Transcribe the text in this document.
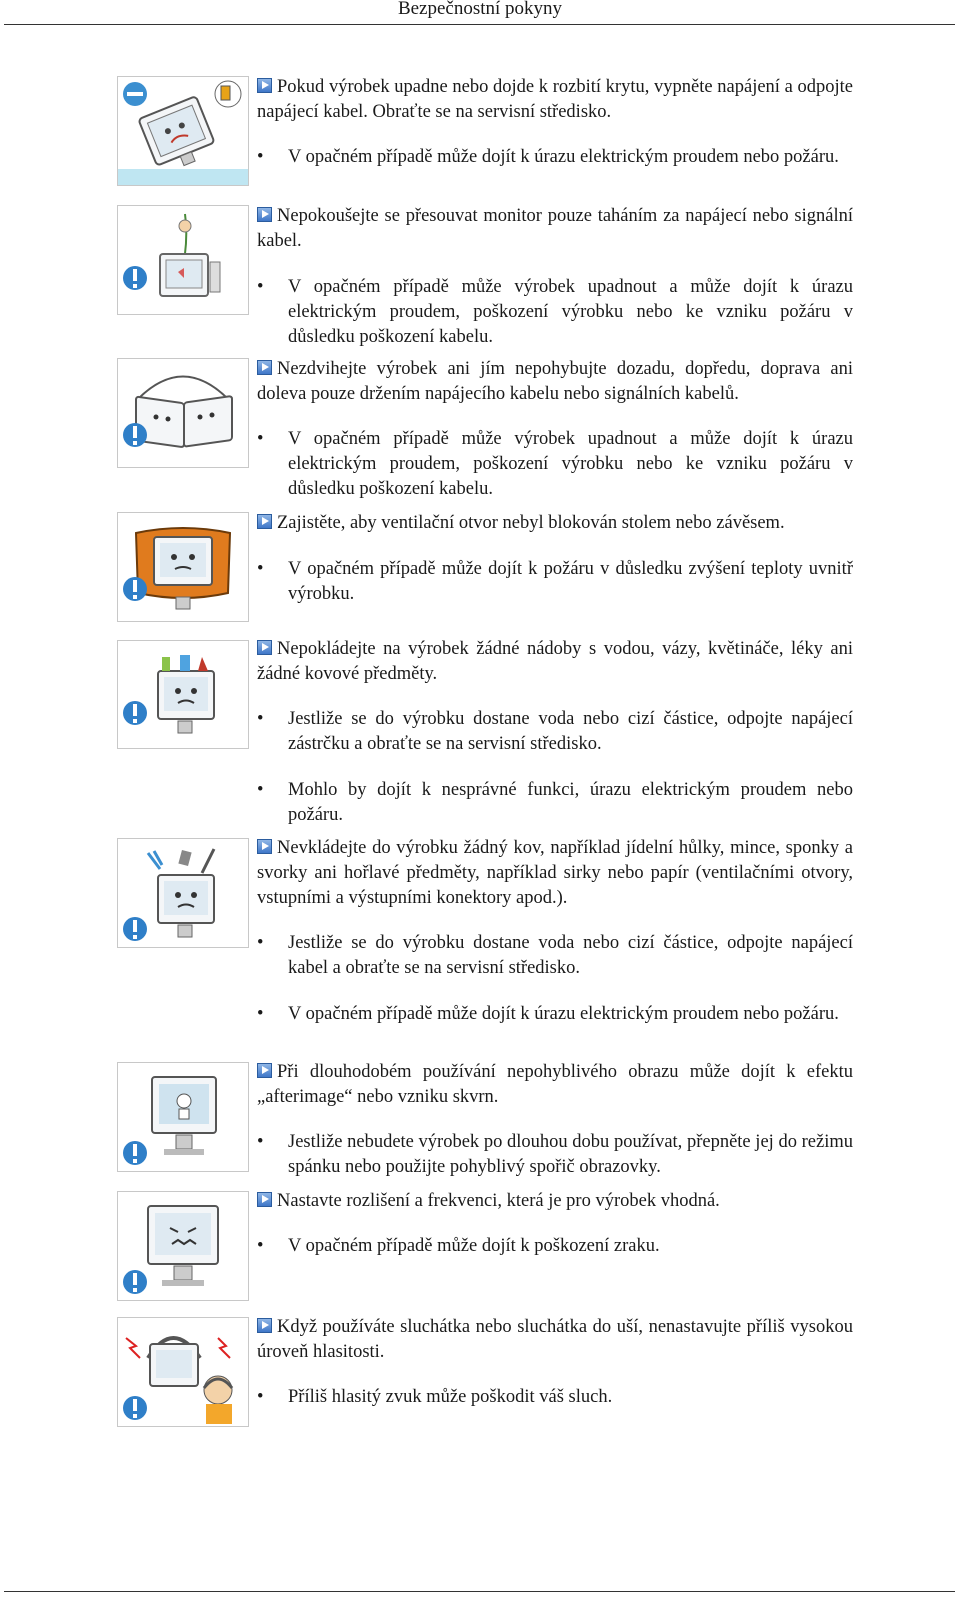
Bezpečnostní pokyny

Pokud výrobek upadne nebo dojde k rozbití krytu, vypněte napájení a odpojte napájecí kabel. Obraťte se na servisní středisko.

• V opačném případě může dojít k úrazu elektrickým proudem nebo požáru.

Nepokoušejte se přesouvat monitor pouze taháním za napájecí nebo signální kabel.

• V opačném případě může výrobek upadnout a může dojít k úrazu elektrickým proudem, poškození výrobku nebo ke vzniku požáru v důsledku poškození kabelu.

Nezdvihejte výrobek ani jím nepohybujte dozadu, dopředu, doprava ani doleva pouze držením napájecího kabelu nebo signálních kabelů.

• V opačném případě může výrobek upadnout a může dojít k úrazu elektrickým proudem, poškození výrobku nebo ke vzniku požáru v důsledku poškození kabelu.

Zajistěte, aby ventilační otvor nebyl blokován stolem nebo závěsem.

• V opačném případě může dojít k požáru v důsledku zvýšení teploty uvnitř výrobku.

Nepokládejte na výrobek žádné nádoby s vodou, vázy, květináče, léky ani žádné kovové předměty.

• Jestliže se do výrobku dostane voda nebo cizí částice, odpojte napájecí zástrčku a obraťte se na servisní středisko.
• Mohlo by dojít k nesprávné funkci, úrazu elektrickým proudem nebo požáru.

Nevkládejte do výrobku žádný kov, například jídelní hůlky, mince, sponky a svorky ani hořlavé předměty, například sirky nebo papír (ventilačními otvory, vstupními a výstupními konektory apod.).

• Jestliže se do výrobku dostane voda nebo cizí částice, odpojte napájecí kabel a obraťte se na servisní středisko.
• V opačném případě může dojít k úrazu elektrickým proudem nebo požáru.

Při dlouhodobém používání nepohyblivého obrazu může dojít k efektu „afterimage“ nebo vzniku skvrn.

• Jestliže nebudete výrobek po dlouhou dobu používat, přepněte jej do režimu spánku nebo použijte pohyblivý spořič obrazovky.

Nastavte rozlišení a frekvenci, která je pro výrobek vhodná.

• V opačném případě může dojít k poškození zraku.

Když používáte sluchátka nebo sluchátka do uší, nenastavujte příliš vysokou úroveň hlasitosti.

• Příliš hlasitý zvuk může poškodit váš sluch.
